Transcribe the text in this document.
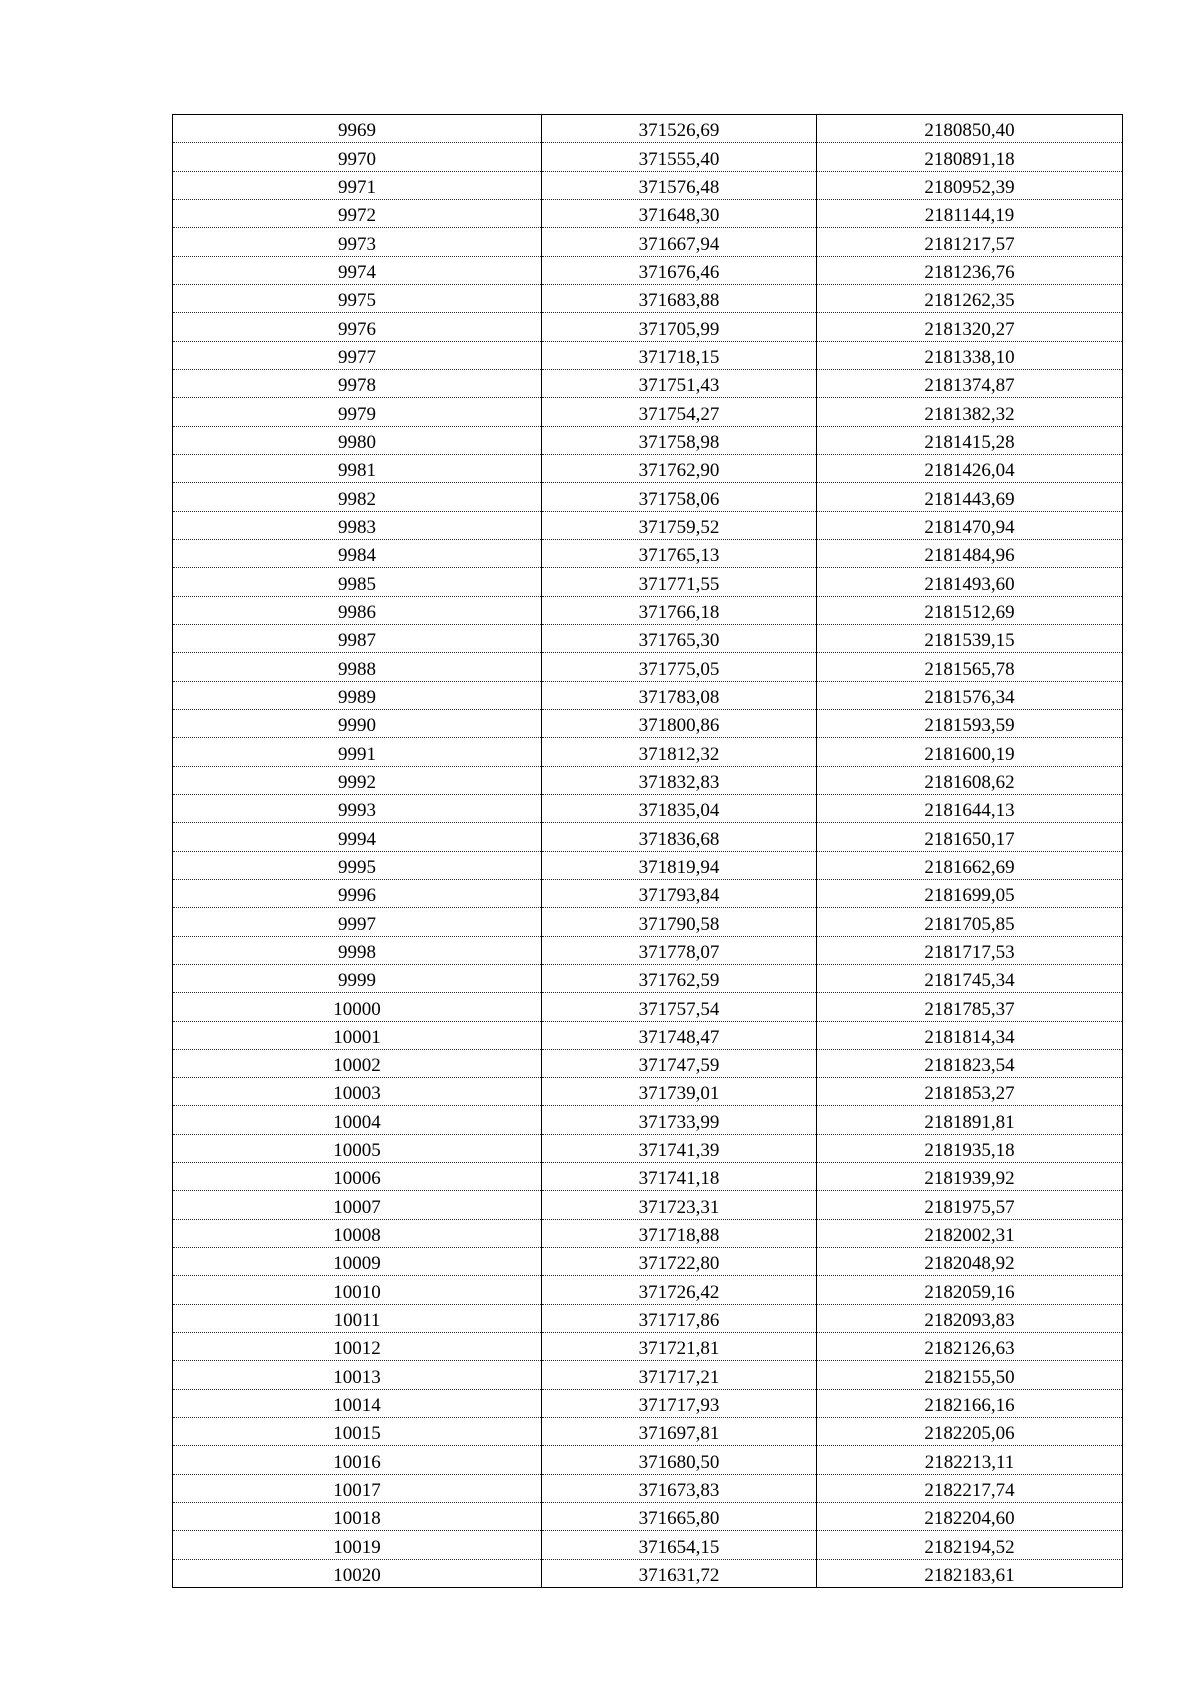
9969	371526,69	2180850,40
9970	371555,40	2180891,18
9971	371576,48	2180952,39
9972	371648,30	2181144,19
9973	371667,94	2181217,57
9974	371676,46	2181236,76
9975	371683,88	2181262,35
9976	371705,99	2181320,27
9977	371718,15	2181338,10
9978	371751,43	2181374,87
9979	371754,27	2181382,32
9980	371758,98	2181415,28
9981	371762,90	2181426,04
9982	371758,06	2181443,69
9983	371759,52	2181470,94
9984	371765,13	2181484,96
9985	371771,55	2181493,60
9986	371766,18	2181512,69
9987	371765,30	2181539,15
9988	371775,05	2181565,78
9989	371783,08	2181576,34
9990	371800,86	2181593,59
9991	371812,32	2181600,19
9992	371832,83	2181608,62
9993	371835,04	2181644,13
9994	371836,68	2181650,17
9995	371819,94	2181662,69
9996	371793,84	2181699,05
9997	371790,58	2181705,85
9998	371778,07	2181717,53
9999	371762,59	2181745,34
10000	371757,54	2181785,37
10001	371748,47	2181814,34
10002	371747,59	2181823,54
10003	371739,01	2181853,27
10004	371733,99	2181891,81
10005	371741,39	2181935,18
10006	371741,18	2181939,92
10007	371723,31	2181975,57
10008	371718,88	2182002,31
10009	371722,80	2182048,92
10010	371726,42	2182059,16
10011	371717,86	2182093,83
10012	371721,81	2182126,63
10013	371717,21	2182155,50
10014	371717,93	2182166,16
10015	371697,81	2182205,06
10016	371680,50	2182213,11
10017	371673,83	2182217,74
10018	371665,80	2182204,60
10019	371654,15	2182194,52
10020	371631,72	2182183,61
